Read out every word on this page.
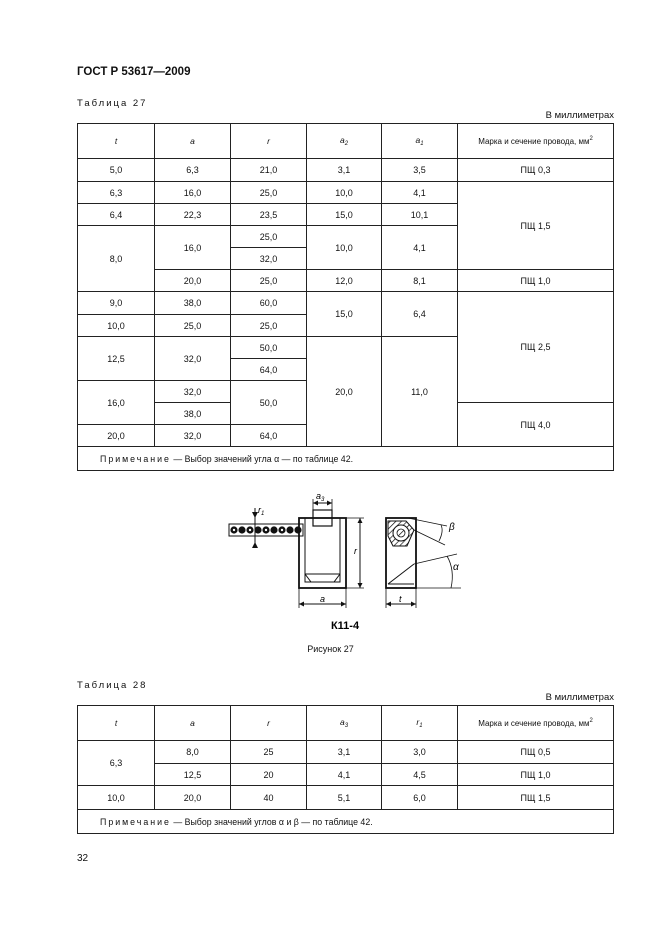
ГОСТ Р 53617—2009
Таблица 27
В миллиметрах
t	a	r	$a_2$	$a_1$	Марка и сечение провода, $мм^2$
5,0	6,3	21,0	3,1	3,5	ПЩ 0,3
6,3	16,0	25,0	10,0	4,1	ПЩ 1,5
6,4	22,3	23,5	15,0	10,1	
8,0	16,0	25,0	10,0	4,1	
		32,0			
	20,0	25,0	12,0	8,1	ПЩ 1,0
9,0	38,0	60,0	15,0	6,4	ПЩ 2,5
10,0	25,0	25,0			
12,5	32,0	50,0	20,0	11,0	
		64,0			
16,0	32,0	50,0			
	38,0				ПЩ 4,0
20,0	32,0	64,0			
Примечание — Выбор значений угла α — по таблице 42.					
$r_1$
$a_3$
r
a	t
β
α
К11-4
Рисунок 27
Таблица 28
В миллиметрах
t	a	r	$a_3$	$r_1$	Марка и сечение провода, $мм^2$
6,3	8,0	25	3,1	3,0	ПЩ 0,5
	12,5	20	4,1	4,5	ПЩ 1,0
10,0	20,0	40	5,1	6,0	ПЩ 1,5
Примечание — Выбор значений углов α и β — по таблице 42.					
32
